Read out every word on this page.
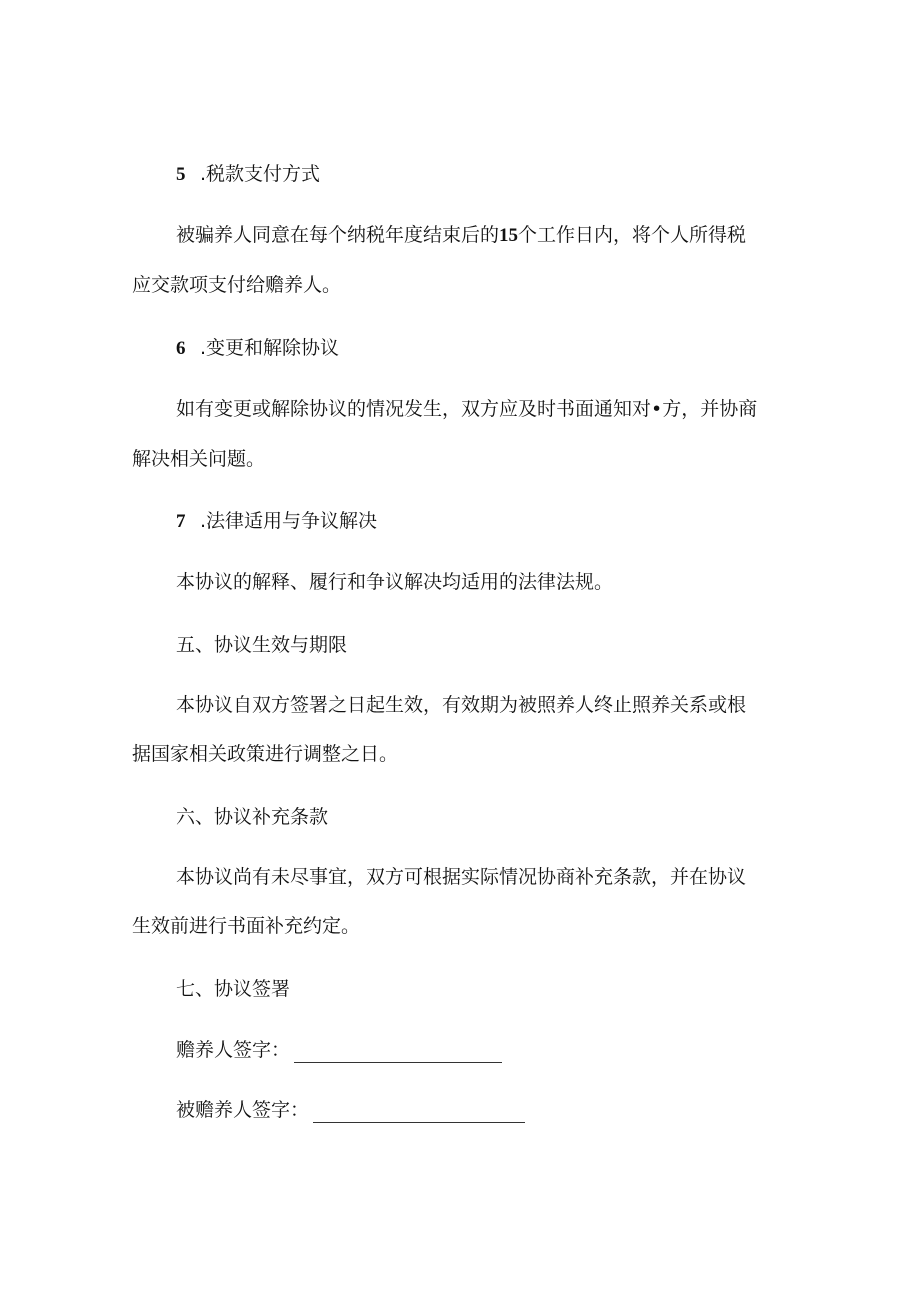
5 .税款支付方式
被骗养人同意在每个纳税年度结束后的15个工作日内，将个人所得税
应交款项支付给赡养人。
6 .变更和解除协议
如有变更或解除协议的情况发生，双方应及时书面通知对•方，并协商
解决相关问题。
7 .法律适用与争议解决
本协议的解释、履行和争议解决均适用的法律法规。
五、协议生效与期限
本协议自双方签署之日起生效，有效期为被照养人终止照养关系或根
据国家相关政策进行调整之日。
六、协议补充条款
本协议尚有未尽事宜，双方可根据实际情况协商补充条款，并在协议
生效前进行书面补充约定。
七、协议签署
赡养人签字：
被赡养人签字：
